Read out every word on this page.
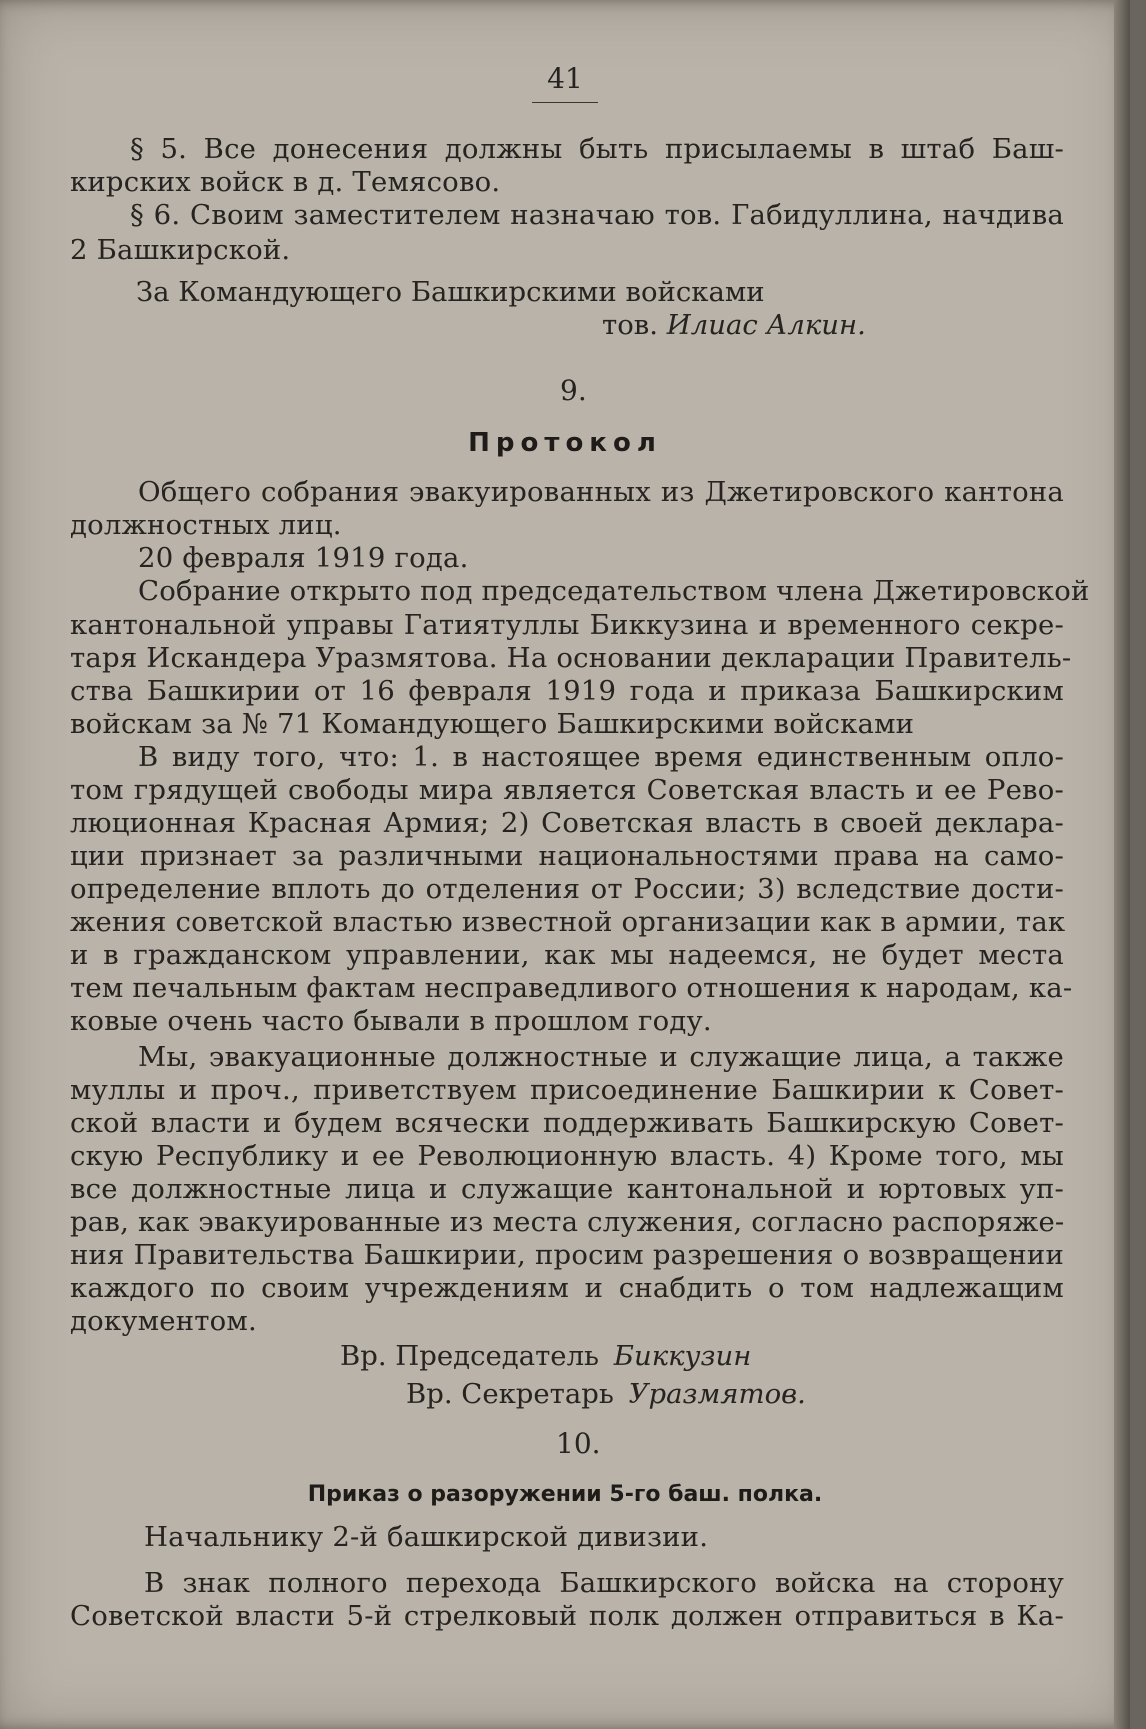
41
§ 5. Все донесения должны быть присылаемы в штаб Баш-
кирских войск в д. Темясово.
§ 6. Своим заместителем назначаю тов. Габидуллина, начдива
2 Башкирской.
За Командующего Башкирскими войсками
тов. Илиас Алкин.
9.
Протокол
Общего собрания эвакуированных из Джетировского кантона
должностных лиц.
20 февраля 1919 года.
Собрание открыто под председательством члена Джетировской
кантональной управы Гатиятуллы Биккузина и временного секре-
таря Искандера Уразмятова. На основании декларации Правитель-
ства Башкирии от 16 февраля 1919 года и приказа Башкирским
войскам за № 71 Командующего Башкирскими войсками
В виду того, что: 1. в настоящее время единственным опло-
том грядущей свободы мира является Советская власть и ее Рево-
люционная Красная Армия; 2) Советская власть в своей деклара-
ции признает за различными национальностями права на само-
определение вплоть до отделения от России; 3) вследствие дости-
жения советской властью известной организации как в армии, так
и в гражданском управлении, как мы надеемся, не будет места
тем печальным фактам несправедливого отношения к народам, ка-
ковые очень часто бывали в прошлом году.
Мы, эвакуационные должностные и служащие лица, а также
муллы и проч., приветствуем присоединение Башкирии к Совет-
ской власти и будем всячески поддерживать Башкирскую Совет-
скую Республику и ее Революционную власть. 4) Кроме того, мы
все должностные лица и служащие кантональной и юртовых уп-
рав, как эвакуированные из места служения, согласно распоряже-
ния Правительства Башкирии, просим разрешения о возвращении
каждого по своим учреждениям и снабдить о том надлежащим
документом.
Вр. Председатель Биккузин
Вр. Секретарь Уразмятов.
10.
Приказ о разоружении 5-го баш. полка.
Начальнику 2-й башкирской дивизии.
В знак полного перехода Башкирского войска на сторону
Советской власти 5-й стрелковый полк должен отправиться в Ка-
